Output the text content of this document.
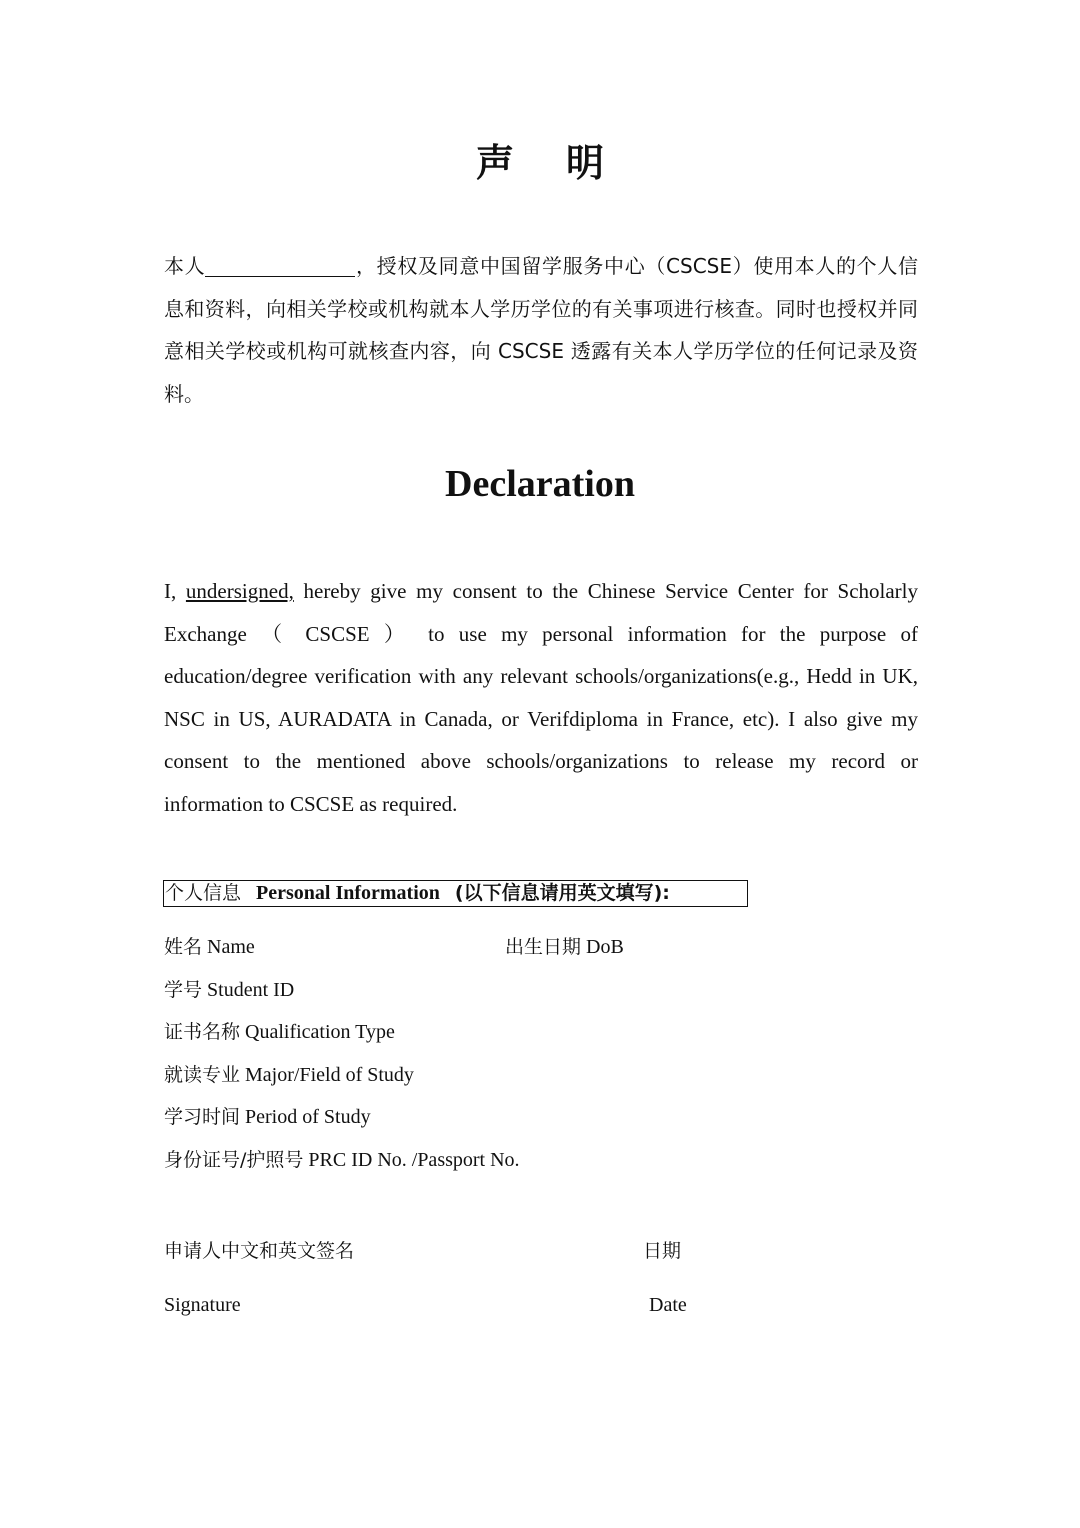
声明
本人	，授权及同意中国留学服务中心（CSCSE）使用本人的个人信息和资料，向相关学校或机构就本人学历学位的有关事项进行核查。同时也授权并同意相关学校或机构可就核查内容，向 CSCSE 透露有关本人学历学位的任何记录及资料。
Declaration
I, undersigned, hereby give my consent to the Chinese Service Center for Scholarly Exchange （ CSCSE ） to use my personal information for the purpose of education/degree verification with any relevant schools/organizations(e.g., Hedd in UK, NSC in US, AURADATA in Canada, or Verifdiploma in France, etc). I also give my consent to the mentioned above schools/organizations to release my record or information to CSCSE as required.
个人信息 Personal Information (以下信息请用英文填写):
姓名 Name	出生日期 DoB
学号 Student ID
证书名称 Qualification Type
就读专业 Major/Field of Study
学习时间 Period of Study
身份证号/护照号 PRC ID No. /Passport No.
申请人中文和英文签名	日期
Signature	Date
